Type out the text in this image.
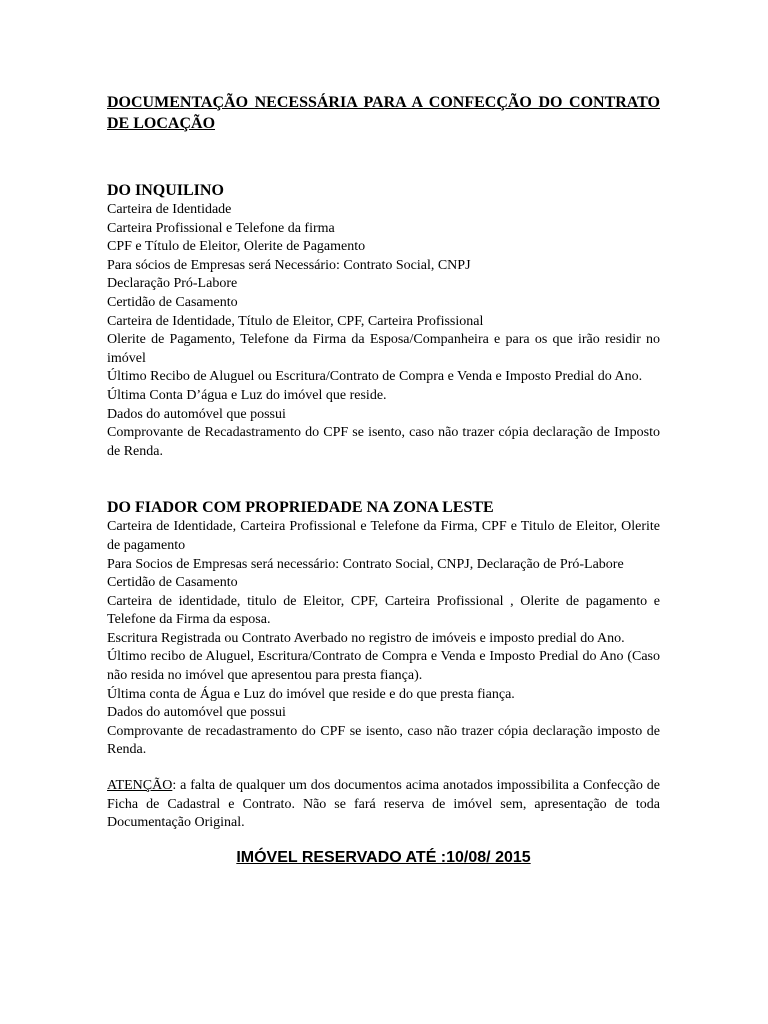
DOCUMENTAÇÃO NECESSÁRIA PARA A CONFECÇÃO DO CONTRATO DE LOCAÇÃO
DO INQUILINO

Carteira de Identidade

Carteira Profissional e Telefone da firma

CPF e Título de Eleitor, Olerite de Pagamento

Para sócios de Empresas será Necessário: Contrato Social, CNPJ

Declaração Pró-Labore

Certidão de Casamento

Carteira de Identidade, Título de Eleitor, CPF, Carteira Profissional

Olerite de Pagamento, Telefone da Firma da Esposa/Companheira e para os que irão residir no imóvel

Último Recibo de Aluguel ou Escritura/Contrato de Compra e Venda e Imposto Predial do Ano.

Última Conta D’água e Luz do imóvel que reside.

Dados do automóvel que possui

Comprovante de Recadastramento do CPF se isento, caso não trazer cópia declaração de Imposto de Renda.

DO FIADOR COM PROPRIEDADE NA ZONA LESTE

Carteira de Identidade, Carteira Profissional e Telefone da Firma, CPF e Titulo de Eleitor, Olerite de pagamento

Para Socios de Empresas será necessário: Contrato Social, CNPJ, Declaração de Pró-Labore

Certidão de Casamento

Carteira de identidade, titulo de Eleitor, CPF, Carteira Profissional , Olerite de pagamento e Telefone da Firma da esposa.

Escritura Registrada ou Contrato Averbado no registro de imóveis e imposto predial do Ano.

Último recibo de Aluguel, Escritura/Contrato de Compra e Venda e Imposto Predial do Ano (Caso não resida no imóvel que apresentou para presta fiança).

Última conta de Água e Luz do imóvel que reside e do que presta fiança.

Dados do automóvel que possui

Comprovante de recadastramento do CPF se isento, caso não trazer cópia declaração imposto de Renda.

ATENÇÃO: a falta de qualquer um dos documentos acima anotados impossibilita a Confecção de Ficha de Cadastral e Contrato. Não se fará reserva de imóvel sem, apresentação de toda Documentação Original.

IMÓVEL RESERVADO ATÉ :10/08/ 2015
